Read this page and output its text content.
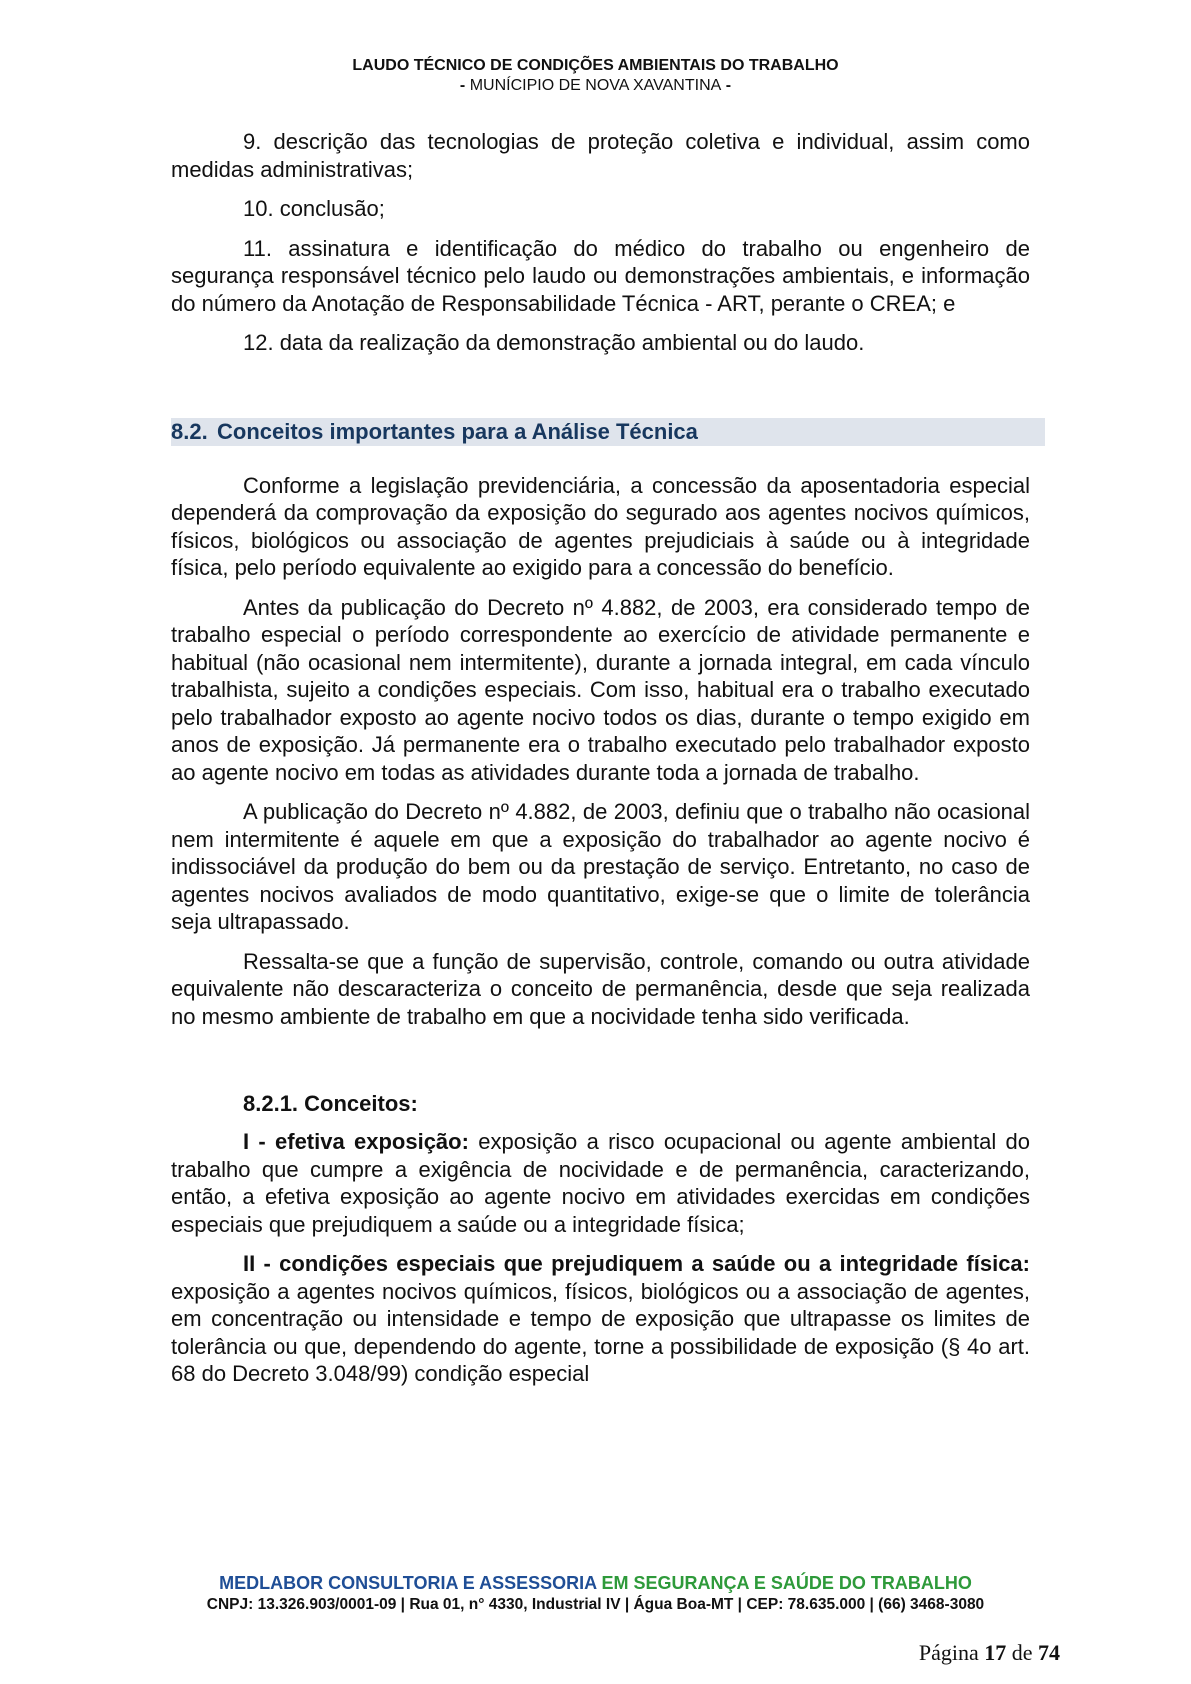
LAUDO TÉCNICO DE CONDIÇÕES AMBIENTAIS DO TRABALHO
- MUNÍCIPIO DE NOVA XAVANTINA -

9. descrição das tecnologias de proteção coletiva e individual, assim como medidas administrativas;

10. conclusão;

11. assinatura e identificação do médico do trabalho ou engenheiro de segurança responsável técnico pelo laudo ou demonstrações ambientais, e informação do número da Anotação de Responsabilidade Técnica - ART, perante o CREA; e

12. data da realização da demonstração ambiental ou do laudo.

8.2. Conceitos importantes para a Análise Técnica

Conforme a legislação previdenciária, a concessão da aposentadoria especial dependerá da comprovação da exposição do segurado aos agentes nocivos químicos, físicos, biológicos ou associação de agentes prejudiciais à saúde ou à integridade física, pelo período equivalente ao exigido para a concessão do benefício.

Antes da publicação do Decreto nº 4.882, de 2003, era considerado tempo de trabalho especial o período correspondente ao exercício de atividade permanente e habitual (não ocasional nem intermitente), durante a jornada integral, em cada vínculo trabalhista, sujeito a condições especiais. Com isso, habitual era o trabalho executado pelo trabalhador exposto ao agente nocivo todos os dias, durante o tempo exigido em anos de exposição. Já permanente era o trabalho executado pelo trabalhador exposto ao agente nocivo em todas as atividades durante toda a jornada de trabalho.

A publicação do Decreto nº 4.882, de 2003, definiu que o trabalho não ocasional nem intermitente é aquele em que a exposição do trabalhador ao agente nocivo é indissociável da produção do bem ou da prestação de serviço. Entretanto, no caso de agentes nocivos avaliados de modo quantitativo, exige-se que o limite de tolerância seja ultrapassado.

Ressalta-se que a função de supervisão, controle, comando ou outra atividade equivalente não descaracteriza o conceito de permanência, desde que seja realizada no mesmo ambiente de trabalho em que a nocividade tenha sido verificada.

8.2.1. Conceitos:

I - efetiva exposição: exposição a risco ocupacional ou agente ambiental do trabalho que cumpre a exigência de nocividade e de permanência, caracterizando, então, a efetiva exposição ao agente nocivo em atividades exercidas em condições especiais que prejudiquem a saúde ou a integridade física;

II - condições especiais que prejudiquem a saúde ou a integridade física: exposição a agentes nocivos químicos, físicos, biológicos ou a associação de agentes, em concentração ou intensidade e tempo de exposição que ultrapasse os limites de tolerância ou que, dependendo do agente, torne a possibilidade de exposição (§ 4o art. 68 do Decreto 3.048/99) condição especial

MEDLABOR CONSULTORIA E ASSESSORIA EM SEGURANÇA E SAÚDE DO TRABALHO
CNPJ: 13.326.903/0001-09 | Rua 01, n° 4330, Industrial IV | Água Boa-MT | CEP: 78.635.000 | (66) 3468-3080
Página 17 de 74
